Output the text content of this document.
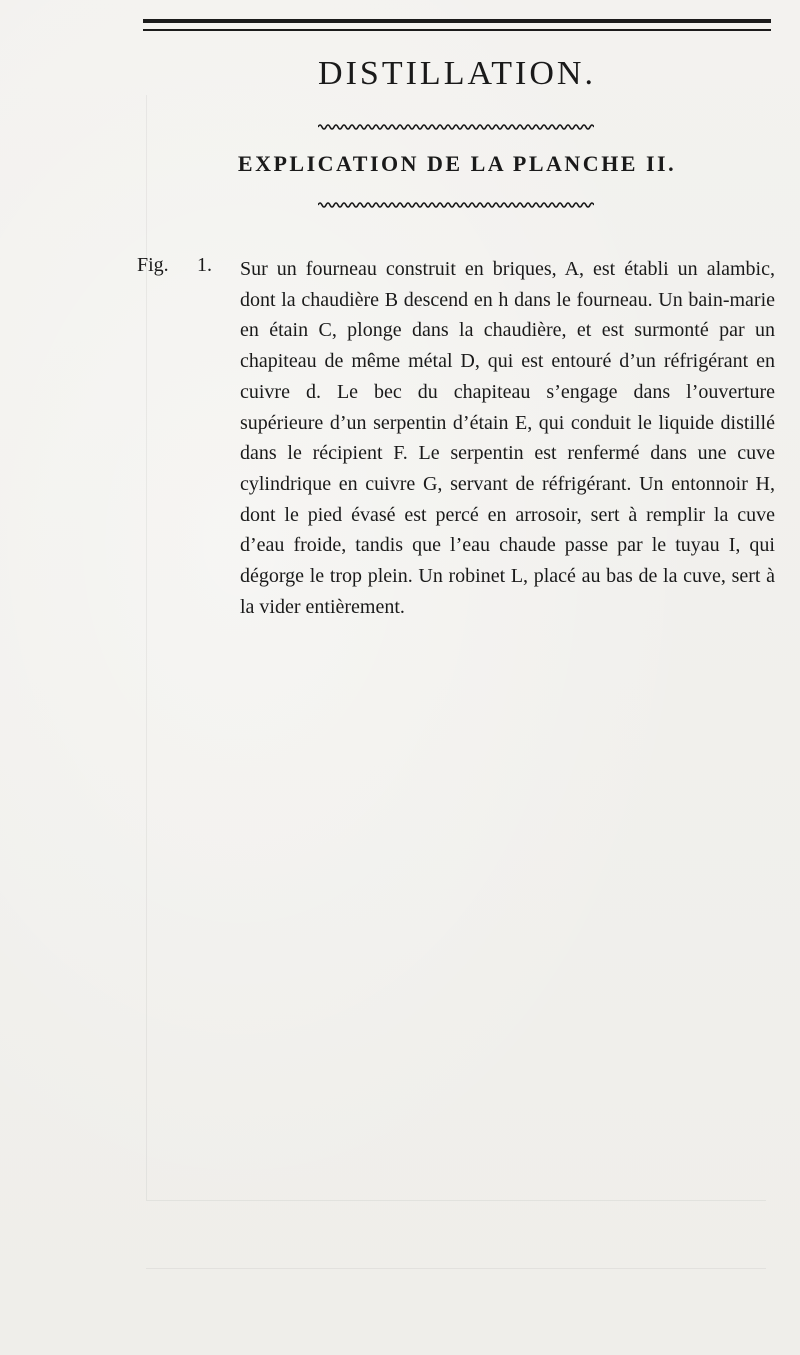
DISTILLATION.
EXPLICATION DE LA PLANCHE II.
Fig. 1. Sur un fourneau construit en briques, A, est établi un alambic, dont la chaudière B descend en h dans le fourneau. Un bain-marie en étain C, plonge dans la chaudière, et est surmonté par un chapiteau de même métal D, qui est entouré d’un réfrigérant en cuivre d. Le bec du chapiteau s’engage dans l’ouverture supérieure d’un serpentin d’étain E, qui conduit le liquide distillé dans le récipient F. Le serpentin est renfermé dans une cuve cylindrique en cuivre G, servant de réfrigérant. Un entonnoir H, dont le pied évasé est percé en arrosoir, sert à remplir la cuve d’eau froide, tandis que l’eau chaude passe par le tuyau I, qui dégorge le trop plein. Un robinet L, placé au bas de la cuve, sert à la vider entièrement.
